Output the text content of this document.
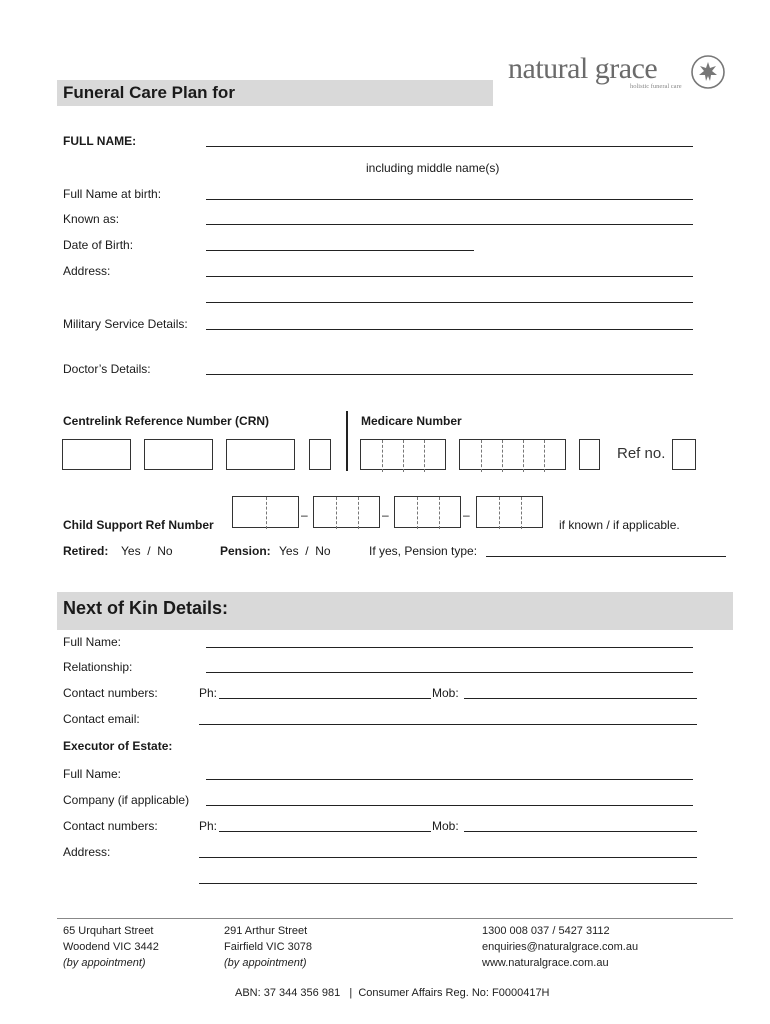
Funeral Care Plan for
natural grace
holistic funeral care
FULL NAME:
including middle name(s)
Full Name at birth:
Known as:
Date of Birth:
Address:
Military Service Details:
Doctor’s Details:
Centrelink Reference Number (CRN)	Medicare Number
Ref no.
–	–	–
Child Support Ref Number	if known / if applicable.
Retired: Yes  /  No	Pension: Yes  /  No	If yes, Pension type:
Next of Kin Details:
Full Name:
Relationship:
Contact numbers:	Ph:	Mob:
Contact email:
Executor of Estate:
Full Name:
Company (if applicable)
Contact numbers:	Ph:	Mob:
Address:
65 Urquhart Street
Woodend VIC 3442
(by appointment)
291 Arthur Street
Fairfield VIC 3078
(by appointment)
1300 008 037 / 5427 3112
enquiries@naturalgrace.com.au
www.naturalgrace.com.au
ABN: 37 344 356 981   |  Consumer Affairs Reg. No: F0000417H
